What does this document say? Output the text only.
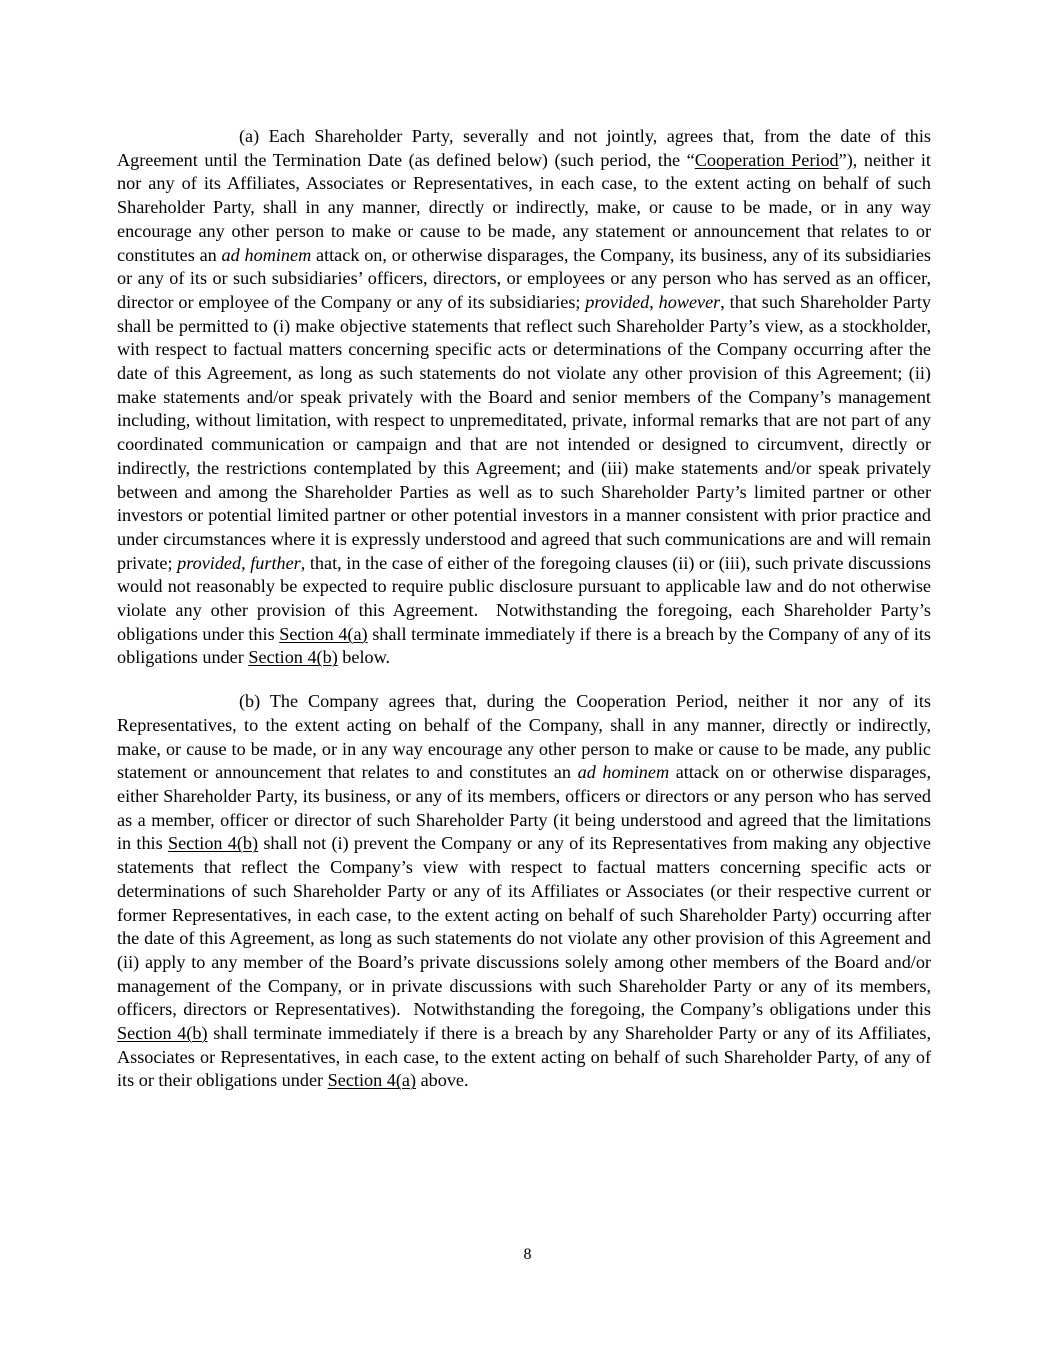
(a) Each Shareholder Party, severally and not jointly, agrees that, from the date of this Agreement until the Termination Date (as defined below) (such period, the “Cooperation Period”), neither it nor any of its Affiliates, Associates or Representatives, in each case, to the extent acting on behalf of such Shareholder Party, shall in any manner, directly or indirectly, make, or cause to be made, or in any way encourage any other person to make or cause to be made, any statement or announcement that relates to or constitutes an ad hominem attack on, or otherwise disparages, the Company, its business, any of its subsidiaries or any of its or such subsidiaries’ officers, directors, or employees or any person who has served as an officer, director or employee of the Company or any of its subsidiaries; provided, however, that such Shareholder Party shall be permitted to (i) make objective statements that reflect such Shareholder Party’s view, as a stockholder, with respect to factual matters concerning specific acts or determinations of the Company occurring after the date of this Agreement, as long as such statements do not violate any other provision of this Agreement; (ii) make statements and/or speak privately with the Board and senior members of the Company’s management including, without limitation, with respect to unpremeditated, private, informal remarks that are not part of any coordinated communication or campaign and that are not intended or designed to circumvent, directly or indirectly, the restrictions contemplated by this Agreement; and (iii) make statements and/or speak privately between and among the Shareholder Parties as well as to such Shareholder Party’s limited partner or other investors or potential limited partner or other potential investors in a manner consistent with prior practice and under circumstances where it is expressly understood and agreed that such communications are and will remain private; provided, further, that, in the case of either of the foregoing clauses (ii) or (iii), such private discussions would not reasonably be expected to require public disclosure pursuant to applicable law and do not otherwise violate any other provision of this Agreement.  Notwithstanding the foregoing, each Shareholder Party’s obligations under this Section 4(a) shall terminate immediately if there is a breach by the Company of any of its obligations under Section 4(b) below.

(b) The Company agrees that, during the Cooperation Period, neither it nor any of its Representatives, to the extent acting on behalf of the Company, shall in any manner, directly or indirectly, make, or cause to be made, or in any way encourage any other person to make or cause to be made, any public statement or announcement that relates to and constitutes an ad hominem attack on or otherwise disparages, either Shareholder Party, its business, or any of its members, officers or directors or any person who has served as a member, officer or director of such Shareholder Party (it being understood and agreed that the limitations in this Section 4(b) shall not (i) prevent the Company or any of its Representatives from making any objective statements that reflect the Company’s view with respect to factual matters concerning specific acts or determinations of such Shareholder Party or any of its Affiliates or Associates (or their respective current or former Representatives, in each case, to the extent acting on behalf of such Shareholder Party) occurring after the date of this Agreement, as long as such statements do not violate any other provision of this Agreement and (ii) apply to any member of the Board’s private discussions solely among other members of the Board and/or management of the Company, or in private discussions with such Shareholder Party or any of its members, officers, directors or Representatives).  Notwithstanding the foregoing, the Company’s obligations under this Section 4(b) shall terminate immediately if there is a breach by any Shareholder Party or any of its Affiliates, Associates or Representatives, in each case, to the extent acting on behalf of such Shareholder Party, of any of its or their obligations under Section 4(a) above.

8
